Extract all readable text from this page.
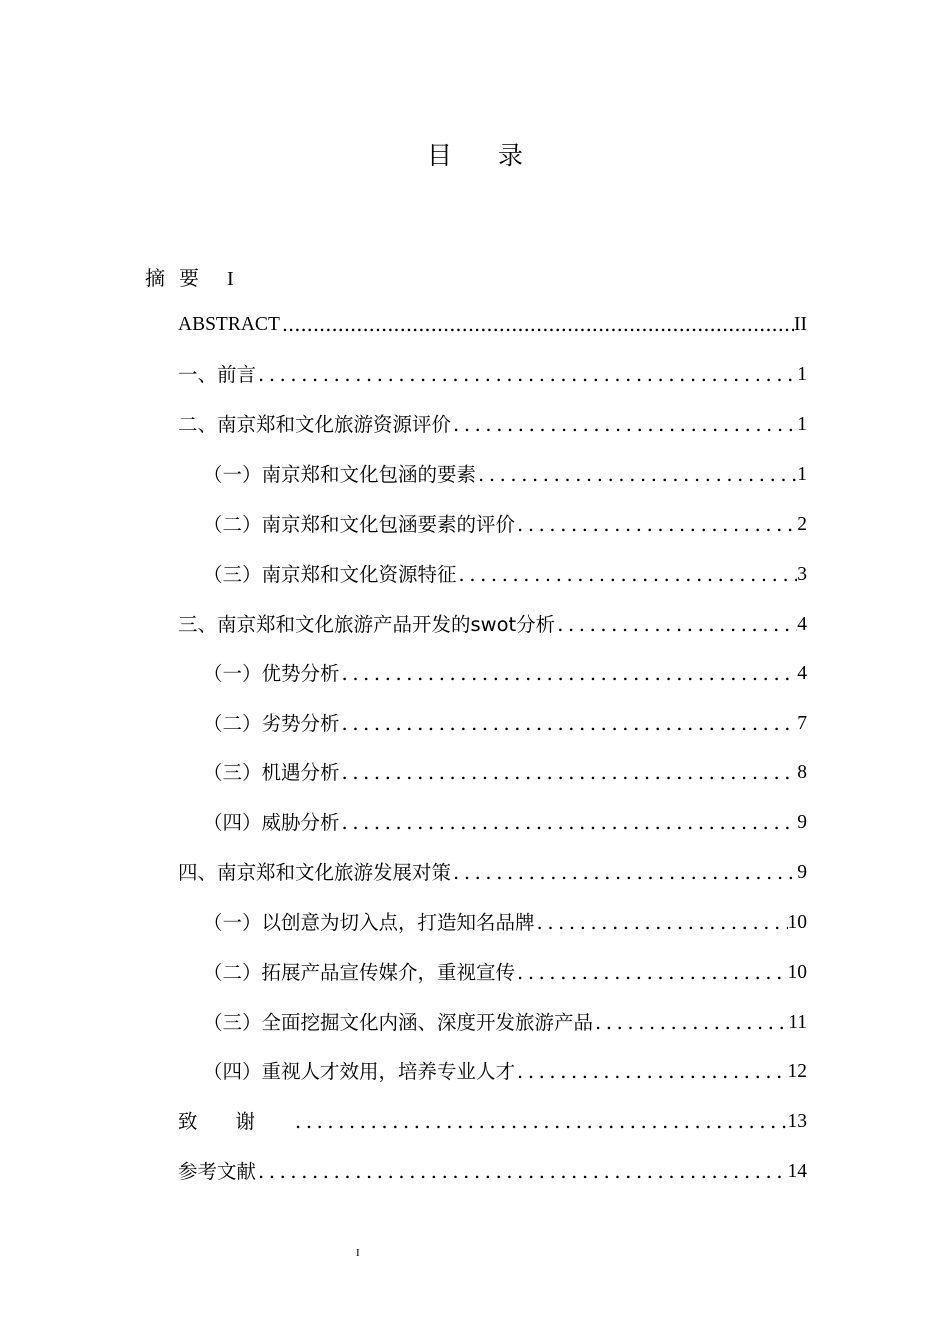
目录
摘要 I
ABSTRACT .....	II
一、前言 .....	1
二、南京郑和文化旅游资源评价 .....	1
（一）南京郑和文化包涵的要素 .....	1
（二）南京郑和文化包涵要素的评价 .....	2
（三）南京郑和文化资源特征 .....	3
三、南京郑和文化旅游产品开发的swot分析 .....	4
（一）优势分析 .....	4
（二）劣势分析 .....	7
（三）机遇分析 .....	8
（四）威胁分析 .....	9
四、南京郑和文化旅游发展对策 .....	9
（一）以创意为切入点，打造知名品牌 .....	10
（二）拓展产品宣传媒介，重视宣传 .....	10
（三）全面挖掘文化内涵、深度开发旅游产品 .....	11
（四）重视人才效用，培养专业人才 .....	12
致谢 .....	13
参考文献 .....	14
I
